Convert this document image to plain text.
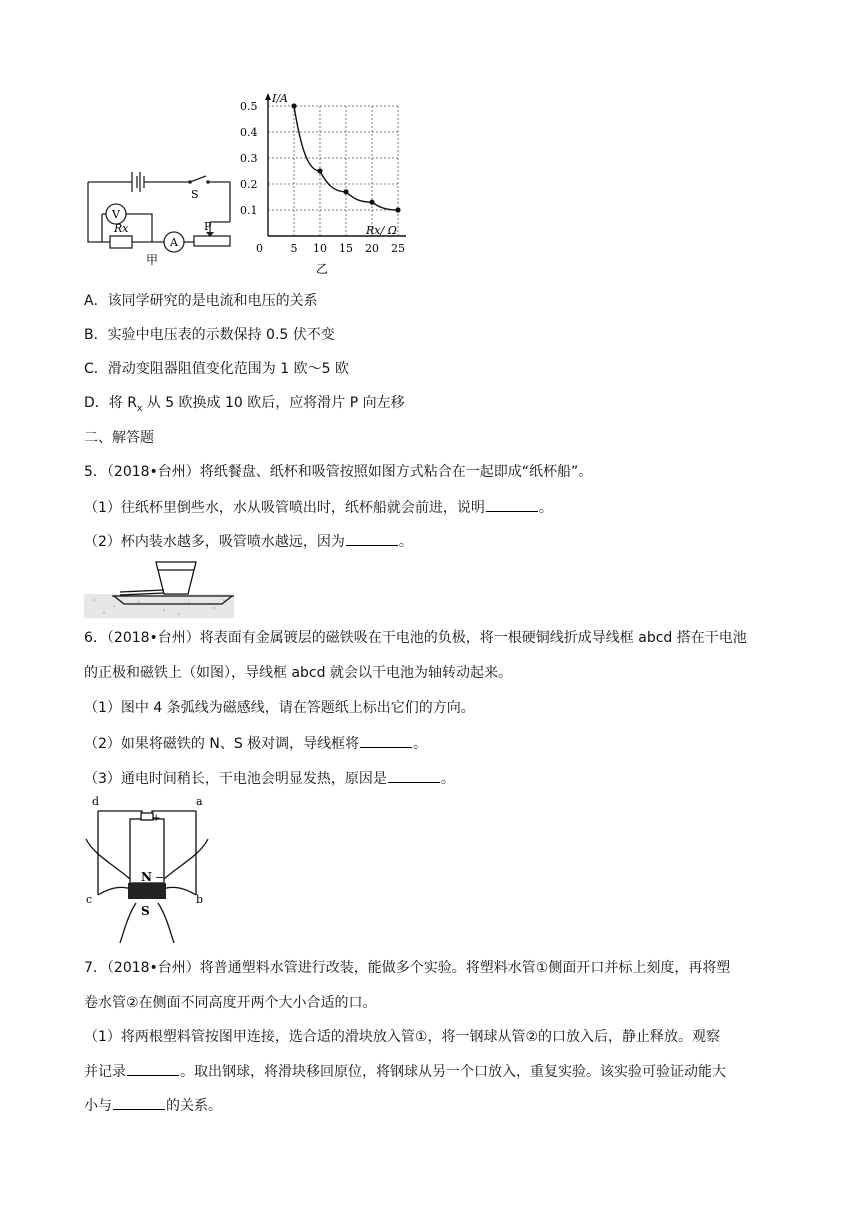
S
V
Rx
A
P
甲
I/A
Rx/ Ω
0
0.5
0.4
0.3
0.2
0.1
5 10 15 20 25
乙
A．该同学研究的是电流和电压的关系
B．实验中电压表的示数保持 0.5 伏不变
C．滑动变阻器阻值变化范围为 1 欧～5 欧
D．将 $R_x$ 从 5 欧换成 10 欧后，应将滑片 P 向左移
二、解答题
5．（2018•台州）将纸餐盘、纸杯和吸管按照如图方式粘合在一起即成“纸杯船”。
（1）往纸杯里倒些水，水从吸管喷出时，纸杯船就会前进，说明	。
（2）杯内装水越多，吸管喷水越远，因为	。
6．（2018•台州）将表面有金属镀层的磁铁吸在干电池的负极，将一根硬铜线折成导线框 abcd 搭在干电池
的正极和磁铁上（如图），导线框 abcd 就会以干电池为轴转动起来。
（1）图中 4 条弧线为磁感线，请在答题纸上标出它们的方向。
（2）如果将磁铁的 N、S 极对调，导线框将	。
（3）通电时间稍长，干电池会明显发热，原因是	。
d	a
c	b
N −
+
S
7．（2018•台州）将普通塑料水管进行改装，能做多个实验。将塑料水管①侧面开口并标上刻度，再将塑
卷水管②在侧面不同高度开两个大小合适的口。
（1）将两根塑料管按图甲连接，选合适的滑块放入管①，将一钢球从管②的口放入后，静止释放。观察
并记录	。取出钢球，将滑块移回原位，将钢球从另一个口放入，重复实验。该实验可验证动能大
小与	的关系。
